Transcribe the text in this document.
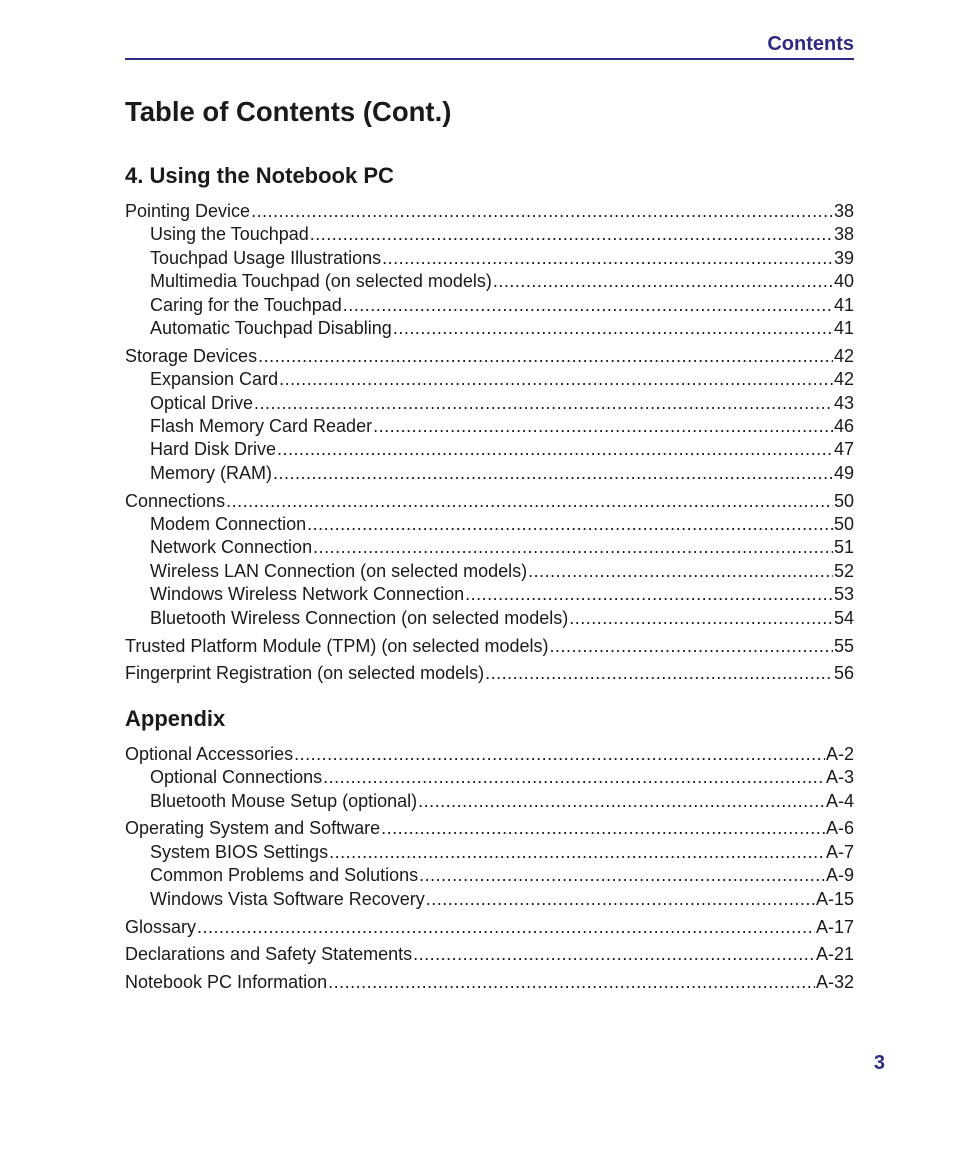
Contents
Table of Contents (Cont.)
4. Using the Notebook PC
Pointing Device .....	38
Using the Touchpad .....	38
Touchpad Usage Illustrations .....	39
Multimedia Touchpad (on selected models) .....	40
Caring for the Touchpad .....	41
Automatic Touchpad Disabling .....	41
Storage Devices .....	42
Expansion Card .....	42
Optical Drive .....	43
Flash Memory Card Reader .....	46
Hard Disk Drive .....	47
Memory (RAM) .....	49
Connections .....	50
Modem Connection .....	50
Network Connection .....	51
Wireless LAN Connection (on selected models) .....	52
Windows Wireless Network Connection .....	53
Bluetooth Wireless Connection (on selected models) .....	54
Trusted Platform Module (TPM) (on selected models) .....	55
Fingerprint Registration (on selected models) .....	56
Appendix
Optional Accessories .....	A-2
Optional Connections .....	A-3
Bluetooth Mouse Setup (optional) .....	A-4
Operating System and Software .....	A-6
System BIOS Settings .....	A-7
Common Problems and Solutions .....	A-9
Windows Vista Software Recovery .....	A-15
Glossary .....	A-17
Declarations and Safety Statements .....	A-21
Notebook PC Information .....	A-32
3
